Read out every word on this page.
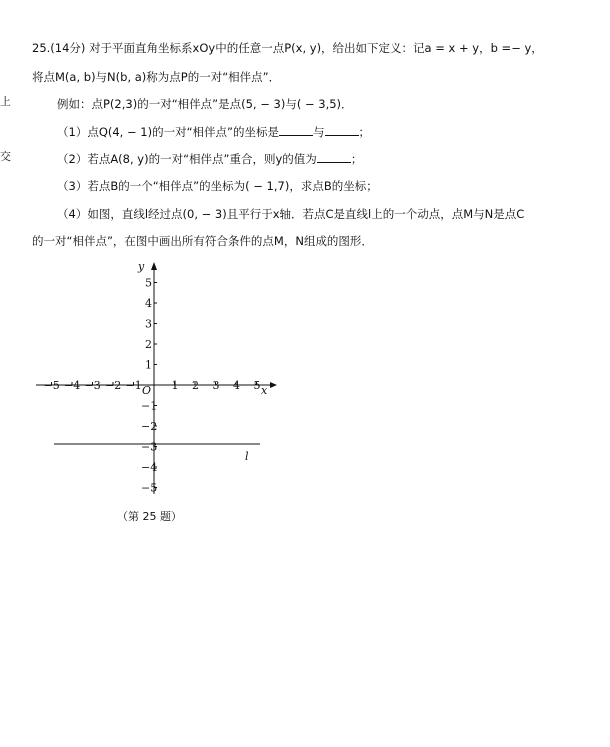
上
交
25.(14分) 对于平面直角坐标系xOy中的任意一点P(x, y)，给出如下定义：记a = x + y，b =− y，
将点M(a, b)与N(b, a)称为点P的一对“相伴点”．
例如：点P(2,3)的一对“相伴点”是点(5, − 3)与( − 3,5)．
（1）点Q(4, − 1)的一对“相伴点”的坐标是	与	；
（2）若点A(8, y)的一对“相伴点”重合，则y的值为	；
（3）若点B的一个“相伴点”的坐标为( − 1,7)，求点B的坐标；
（4）如图，直线l经过点(0, − 3)且平行于x轴．若点C是直线l上的一个动点，点M与N是点C
的一对“相伴点”，在图中画出所有符合条件的点M，N组成的图形．
−5 −4 −3 −2 −1	1 2 3 4 5
5
4
3
2
1
−1
−2
−3
−4
−5
x
y
O
l
（第 25 题）
